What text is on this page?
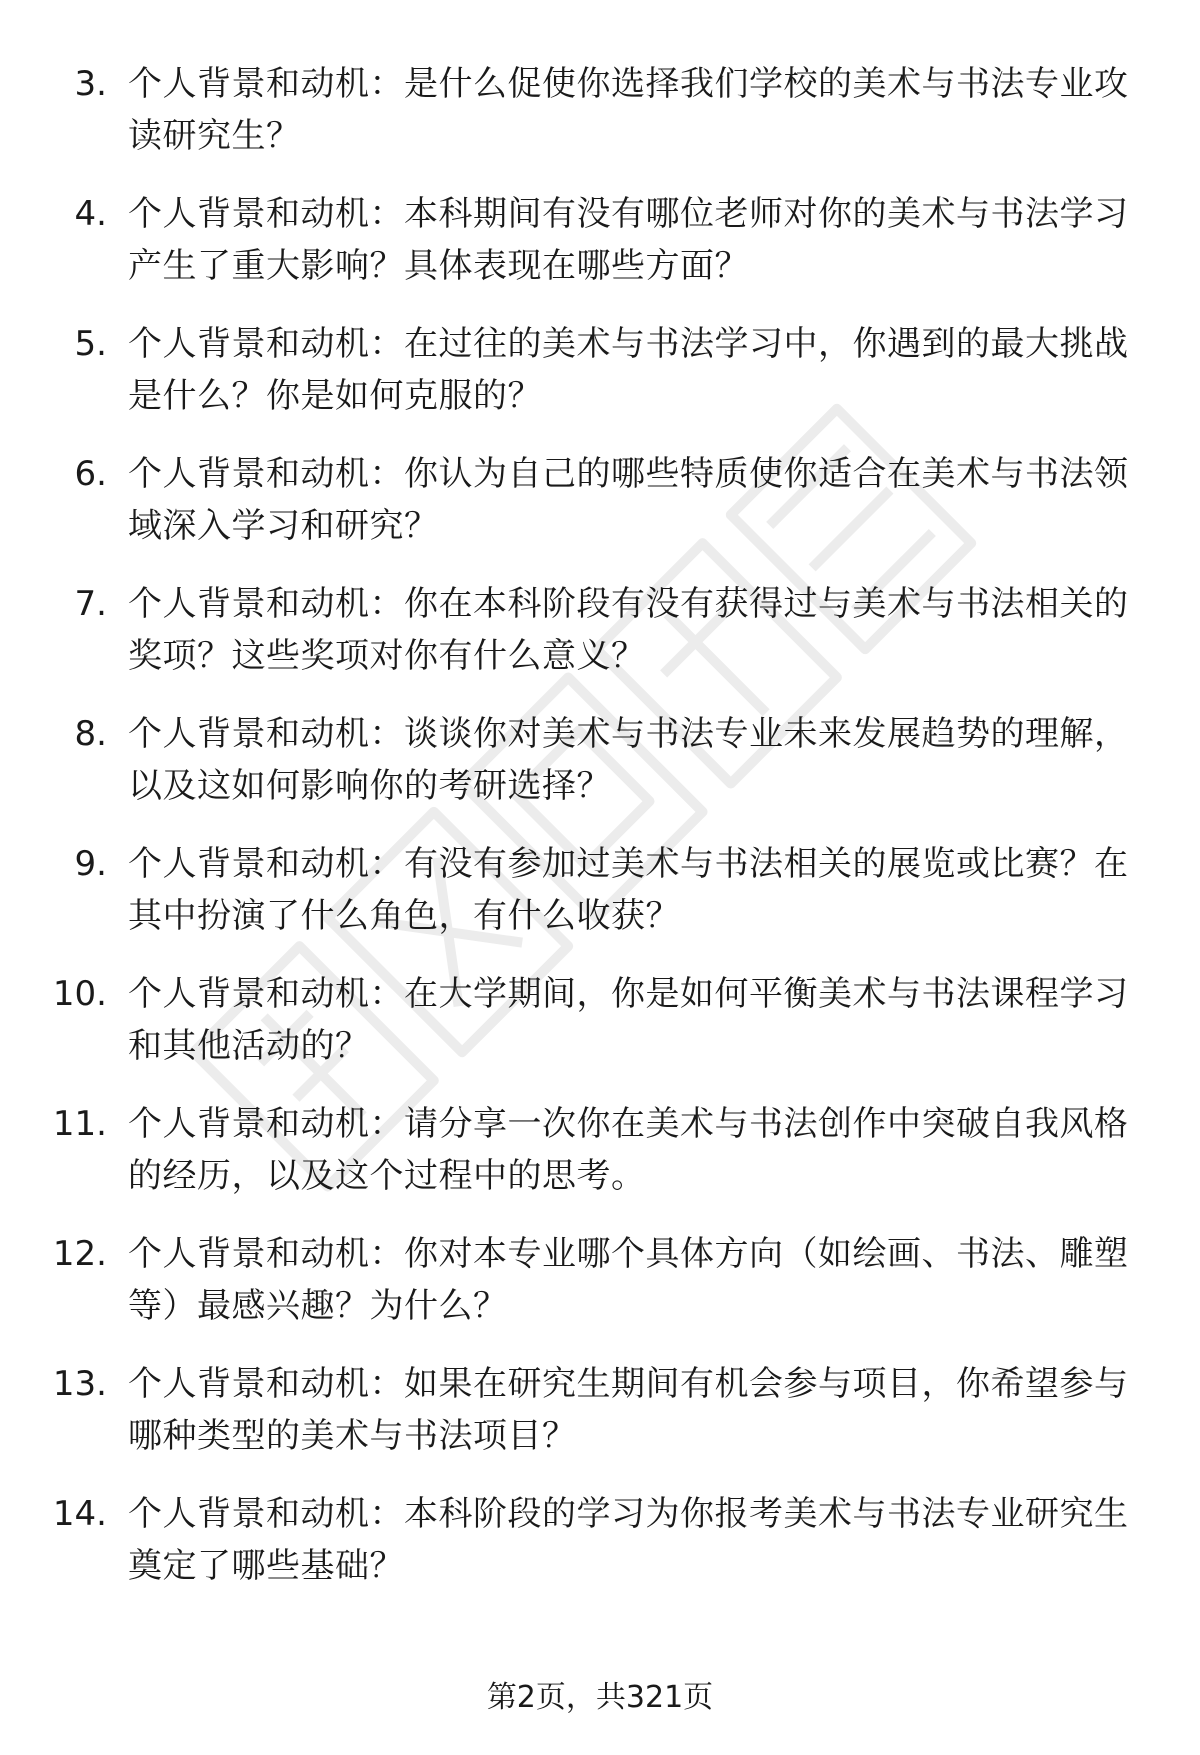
3. 个人背景和动机：是什么促使你选择我们学校的美术与书法专业攻读研究生？
4. 个人背景和动机：本科期间有没有哪位老师对你的美术与书法学习产生了重大影响？具体表现在哪些方面？
5. 个人背景和动机：在过往的美术与书法学习中，你遇到的最大挑战是什么？你是如何克服的？
6. 个人背景和动机：你认为自己的哪些特质使你适合在美术与书法领域深入学习和研究？
7. 个人背景和动机：你在本科阶段有没有获得过与美术与书法相关的奖项？这些奖项对你有什么意义？
8. 个人背景和动机：谈谈你对美术与书法专业未来发展趋势的理解，以及这如何影响你的考研选择？
9. 个人背景和动机：有没有参加过美术与书法相关的展览或比赛？在其中扮演了什么角色，有什么收获？
10. 个人背景和动机：在大学期间，你是如何平衡美术与书法课程学习和其他活动的？
11. 个人背景和动机：请分享一次你在美术与书法创作中突破自我风格的经历，以及这个过程中的思考。
12. 个人背景和动机：你对本专业哪个具体方向（如绘画、书法、雕塑等）最感兴趣？为什么？
13. 个人背景和动机：如果在研究生期间有机会参与项目，你希望参与哪种类型的美术与书法项目？
14. 个人背景和动机：本科阶段的学习为你报考美术与书法专业研究生奠定了哪些基础？
第2页，共321页
